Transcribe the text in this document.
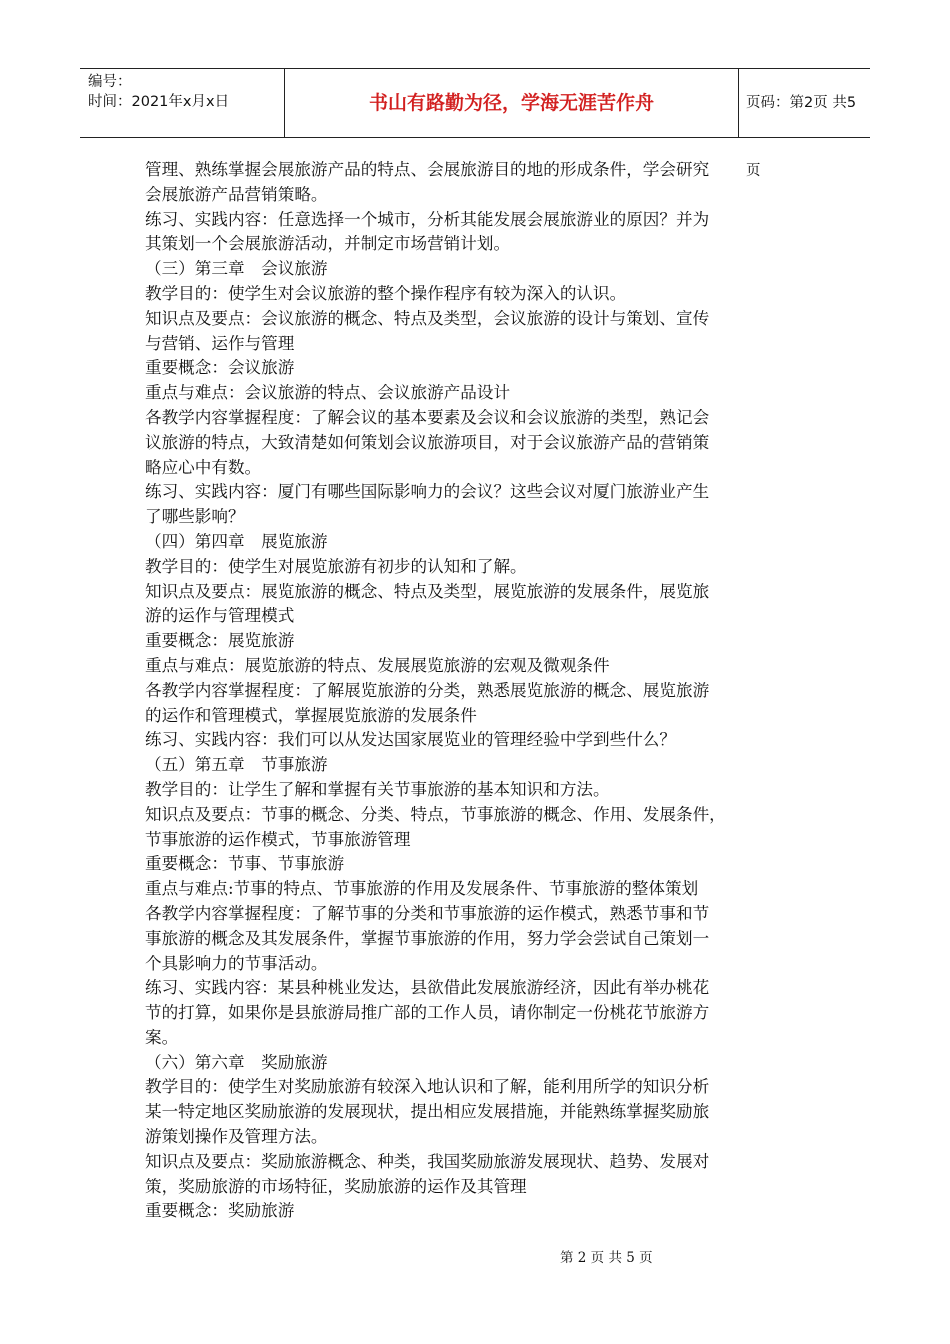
编号：
时间：2021年x月x日	书山有路勤为径，学海无涯苦作舟	页码：第2页 共5页

管理、熟练掌握会展旅游产品的特点、会展旅游目的地的形成条件，学会研究

会展旅游产品营销策略。

练习、实践内容：任意选择一个城市，分析其能发展会展旅游业的原因？并为

其策划一个会展旅游活动，并制定市场营销计划。

（三）第三章　会议旅游

教学目的：使学生对会议旅游的整个操作程序有较为深入的认识。

知识点及要点：会议旅游的概念、特点及类型，会议旅游的设计与策划、宣传

与营销、运作与管理

重要概念：会议旅游

重点与难点：会议旅游的特点、会议旅游产品设计

各教学内容掌握程度：了解会议的基本要素及会议和会议旅游的类型，熟记会

议旅游的特点，大致清楚如何策划会议旅游项目，对于会议旅游产品的营销策

略应心中有数。

练习、实践内容：厦门有哪些国际影响力的会议？这些会议对厦门旅游业产生

了哪些影响？

（四）第四章　展览旅游

教学目的：使学生对展览旅游有初步的认知和了解。

知识点及要点：展览旅游的概念、特点及类型，展览旅游的发展条件，展览旅

游的运作与管理模式

重要概念：展览旅游

重点与难点：展览旅游的特点、发展展览旅游的宏观及微观条件

各教学内容掌握程度：了解展览旅游的分类，熟悉展览旅游的概念、展览旅游

的运作和管理模式，掌握展览旅游的发展条件

练习、实践内容：我们可以从发达国家展览业的管理经验中学到些什么？

（五）第五章　节事旅游

教学目的：让学生了解和掌握有关节事旅游的基本知识和方法。

知识点及要点：节事的概念、分类、特点，节事旅游的概念、作用、发展条件，

节事旅游的运作模式，节事旅游管理

重要概念：节事、节事旅游

重点与难点:节事的特点、节事旅游的作用及发展条件、节事旅游的整体策划

各教学内容掌握程度：了解节事的分类和节事旅游的运作模式，熟悉节事和节

事旅游的概念及其发展条件，掌握节事旅游的作用，努力学会尝试自己策划一

个具影响力的节事活动。

练习、实践内容：某县种桃业发达，县欲借此发展旅游经济，因此有举办桃花

节的打算，如果你是县旅游局推广部的工作人员，请你制定一份桃花节旅游方

案。

（六）第六章　奖励旅游

教学目的：使学生对奖励旅游有较深入地认识和了解，能利用所学的知识分析

某一特定地区奖励旅游的发展现状，提出相应发展措施，并能熟练掌握奖励旅

游策划操作及管理方法。

知识点及要点：奖励旅游概念、种类，我国奖励旅游发展现状、趋势、发展对

策，奖励旅游的市场特征，奖励旅游的运作及其管理

重要概念：奖励旅游

第 2 页 共 5 页
